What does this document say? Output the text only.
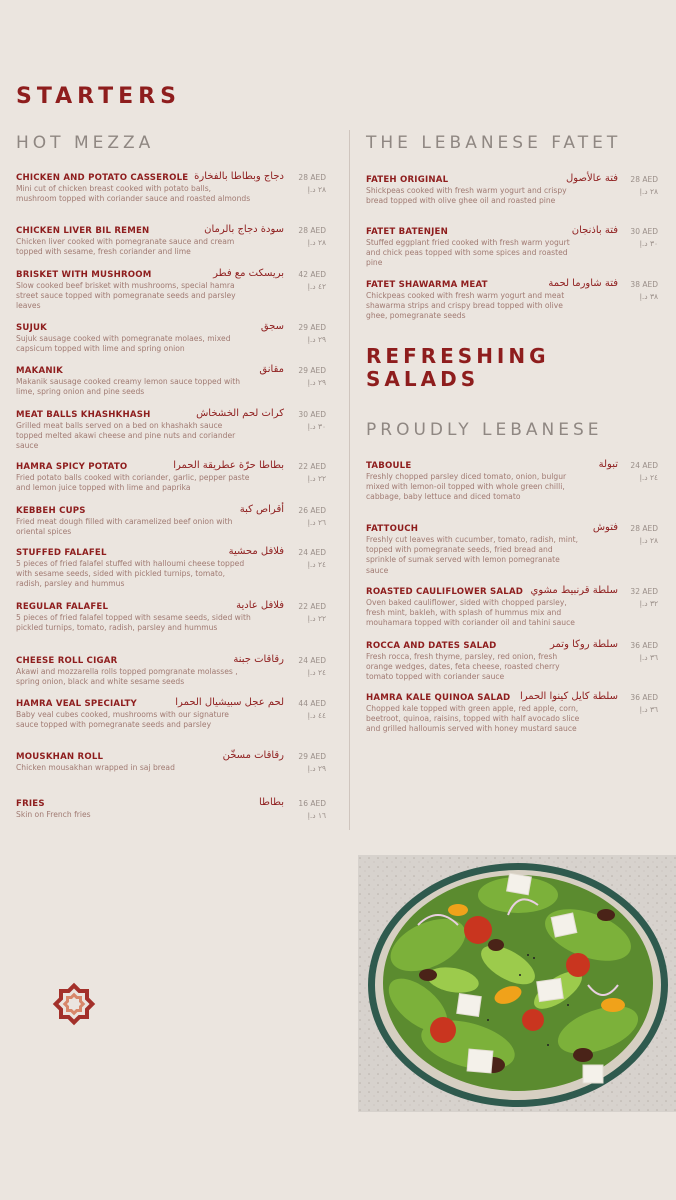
STARTERS
HOT MEZZA	THE LEBANESE FATET
CHICKEN AND POTATO CASSEROLE دجاج وبطاطا بالفخارة 28 AED
٢٨ د.إ
Mini cut of chicken breast cooked with potato balls, mushroom topped with coriander sauce and roasted almonds
CHICKEN LIVER BIL REMEN	سودة دجاج بالرمان 28 AED
٢٨ د.إ
Chicken liver cooked with pomegranate sauce and cream topped with sesame, fresh coriander and lime
BRISKET WITH MUSHROOM	بريسكت مع فطر 42 AED
٤٢ د.إ
Slow cooked beef brisket with mushrooms, special hamra street sauce topped with pomegranate seeds and parsley leaves
SUJUK	سجق 29 AED
٢٩ د.إ
Sujuk sausage cooked with pomegranate molaes, mixed capsicum topped with lime and spring onion
MAKANIK	مقانق 29 AED
٢٩ د.إ
Makanik sausage cooked creamy lemon sauce topped with lime, spring onion and pine seeds
MEAT BALLS KHASHKHASH	كرات لحم الخشخاش 30 AED
٣٠ د.إ
Grilled meat balls served on a bed on khashakh sauce topped melted akawi cheese and pine nuts and coriander sauce
HAMRA SPICY POTATO	بطاطا حرّة عطريقة الحمرا 22 AED
٢٢ د.إ
Fried potato balls cooked with coriander, garlic, pepper paste and lemon juice topped with lime and paprika
KEBBEH CUPS	أقراص كبة 26 AED
٢٦ د.إ
Fried meat dough filled with caramelized beef onion with oriental spices
STUFFED FALAFEL	فلافل محشية 24 AED
٢٤ د.إ
5 pieces of fried falafel stuffed with halloumi cheese topped with sesame seeds, sided with pickled turnips, tomato, radish, parsley and hummus
REGULAR FALAFEL	فلافل عادية 22 AED
٢٢ د.إ
5 pieces of fried falafel topped with sesame seeds, sided with pickled turnips, tomato, radish, parsley and hummus
CHEESE ROLL CIGAR	رقاقات جبنة 24 AED
٢٤ د.إ
Akawi and mozzarella rolls topped pomgranate molasses , spring onion, black and white sesame seeds
HAMRA VEAL SPECIALTY	لحم عجل سبيشيال الحمرا 44 AED
٤٤ د.إ
Baby veal cubes cooked, mushrooms with our signature sauce topped with pomegranate seeds and parsley
MOUSKHAN ROLL	رقاقات مسخّن 29 AED
٢٩ د.إ
Chicken mousakhan wrapped in saj bread
FRIES	بطاطا 16 AED
١٦ د.إ
Skin on French fries
FATEH ORIGINAL	فتة عالأصول 28 AED
٢٨ د.إ
Shickpeas cooked with fresh warm yogurt and crispy bread topped with olive ghee oil and roasted pine
FATET BATENJEN	فتة باذنجان 30 AED
٣٠ د.إ
Stuffed eggplant fried cooked with fresh warm yogurt and chick peas topped with some spices and roasted pine
FATET SHAWARMA MEAT	فتة شاورما لحمة 38 AED
٣٨ د.إ
Chickpeas cooked with fresh warm yogurt and meat shawarma strips and crispy bread topped with olive ghee, pomegranate seeds
REFRESHING
SALADS
PROUDLY LEBANESE
TABOULE	تبولة 24 AED
٢٤ د.إ
Freshly chopped parsley diced tomato, onion, bulgur mixed with lemon-oil topped with whole green chilli, cabbage, baby lettuce and diced tomato
FATTOUCH	فتوش 28 AED
٢٨ د.إ
Freshly cut leaves with cucumber, tomato, radish, mint, topped with pomegranate seeds, fried bread and sprinkle of sumak served with lemon pomegranate sauce
ROASTED CAULIFLOWER SALAD سلطة قرنبيط مشوي 32 AED
٣٢ د.إ
Oven baked cauliflower, sided with chopped parsley, fresh mint, bakleh, with splash of hummus mix and mouhamara topped with coriander oil and tahini sauce
ROCCA AND DATES SALAD	سلطة روكا وتمر 36 AED
٣٦ د.إ
Fresh rocca, fresh thyme, parsley, red onion, fresh orange wedges, dates, feta cheese, roasted cherry tomato topped with coriander sauce
HAMRA KALE QUINOA SALAD سلطة كايل كينوا الحمرا 36 AED
٣٦ د.إ
Chopped kale topped with green apple, red apple, corn, beetroot, quinoa, raisins, topped with half avocado slice and grilled halloumis served with honey mustard sauce
